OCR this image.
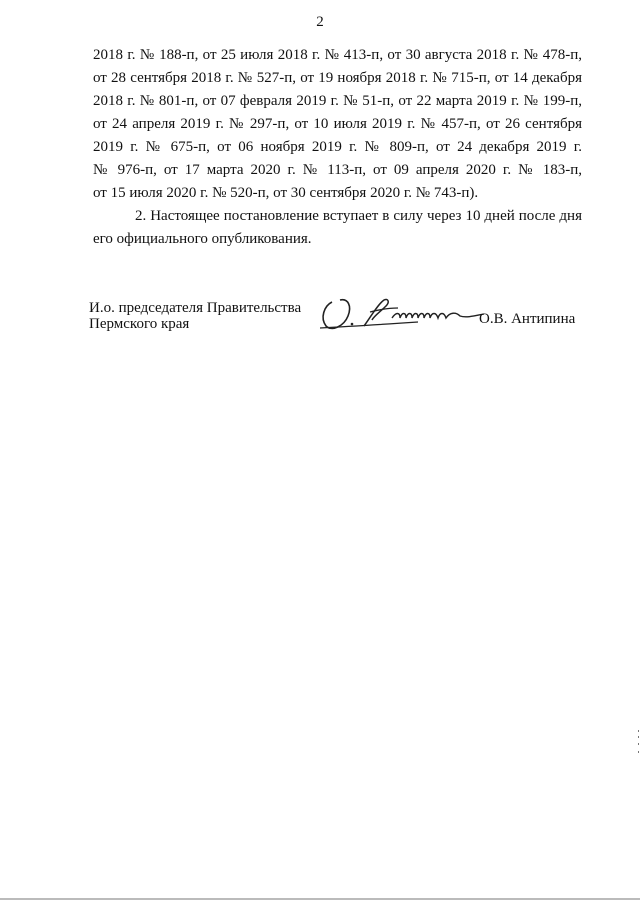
2
2018 г. № 188-п, от 25 июля 2018 г. № 413-п, от 30 августа 2018 г. № 478-п,
от 28 сентября 2018 г. № 527-п, от 19 ноября 2018 г. № 715-п, от 14 декабря
2018 г. № 801-п, от 07 февраля 2019 г. № 51-п, от 22 марта 2019 г. № 199-п,
от 24 апреля 2019 г. № 297-п, от 10 июля 2019 г. № 457-п, от 26 сентября
2019 г. № 675-п, от 06 ноября 2019 г. № 809-п, от 24 декабря 2019 г.
№ 976-п, от 17 марта 2020 г. № 113-п, от 09 апреля 2020 г. № 183-п,
от 15 июля 2020 г. № 520-п, от 30 сентября 2020 г. № 743-п).
2. Настоящее постановление вступает в силу через 10 дней после дня
его официального опубликования.
И.о. председателя Правительства
Пермского края	О.В. Антипина
